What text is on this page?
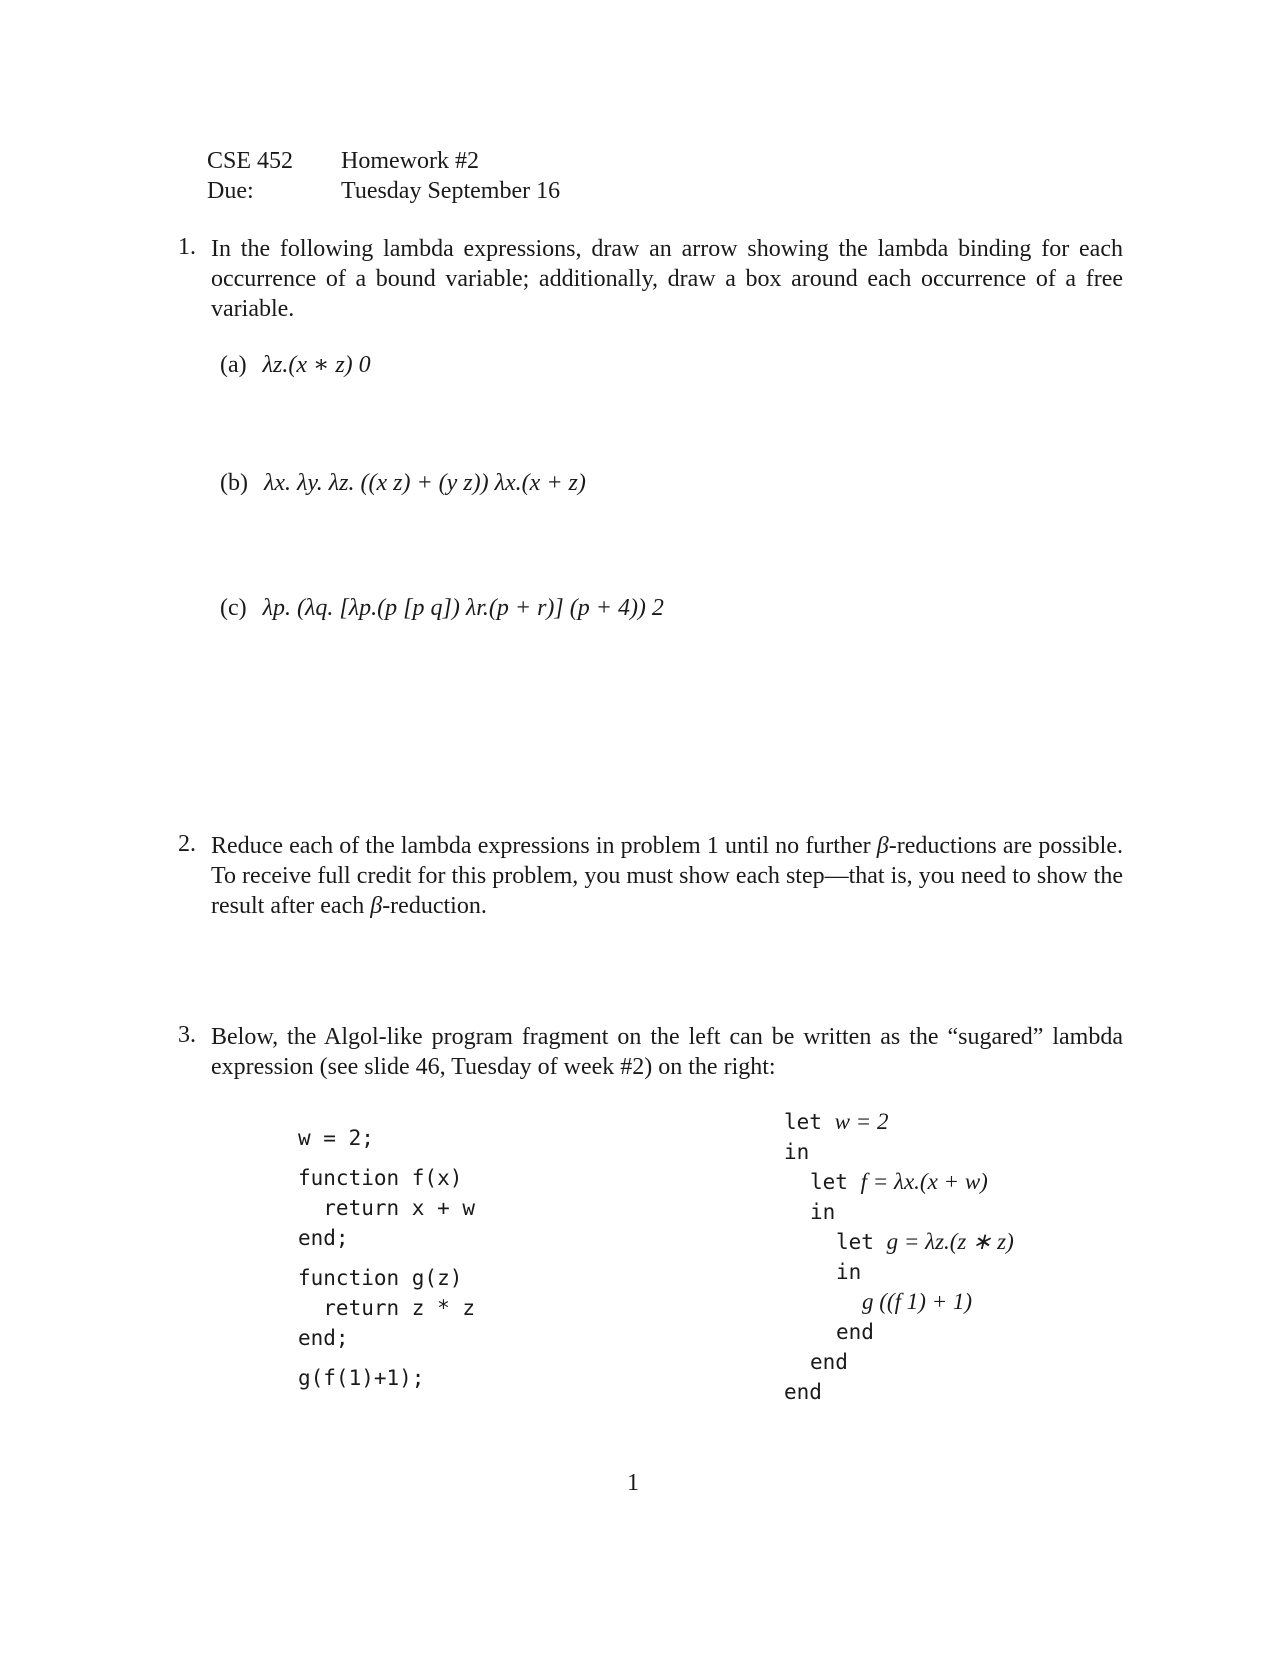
CSE 452 Homework #2
Due:	Tuesday September 16
1. In the following lambda expressions, draw an arrow showing the lambda binding for each occurrence of a bound variable; additionally, draw a box around each occurrence of a free variable.
(a) λz.(x ∗ z) 0
(b) λx. λy. λz. ((x z) + (y z)) λx.(x + z)
(c) λp. (λq. [λp.(p [p q]) λr.(p + r)] (p + 4)) 2
2. Reduce each of the lambda expressions in problem 1 until no further β-reductions are possible. To receive full credit for this problem, you must show each step—that is, you need to show the result after each β-reduction.
3. Below, the Algol-like program fragment on the left can be written as the “sugared” lambda expression (see slide 46, Tuesday of week #2) on the right:
w = 2;
function f(x)
return x + w
end;
function g(z)
return z * z
end;
g(f(1)+1);
let w = 2
in
let f = λx.(x + w)
in
let g = λz.(z ∗ z)
in
g ((f 1) + 1)
end
end
end
1
